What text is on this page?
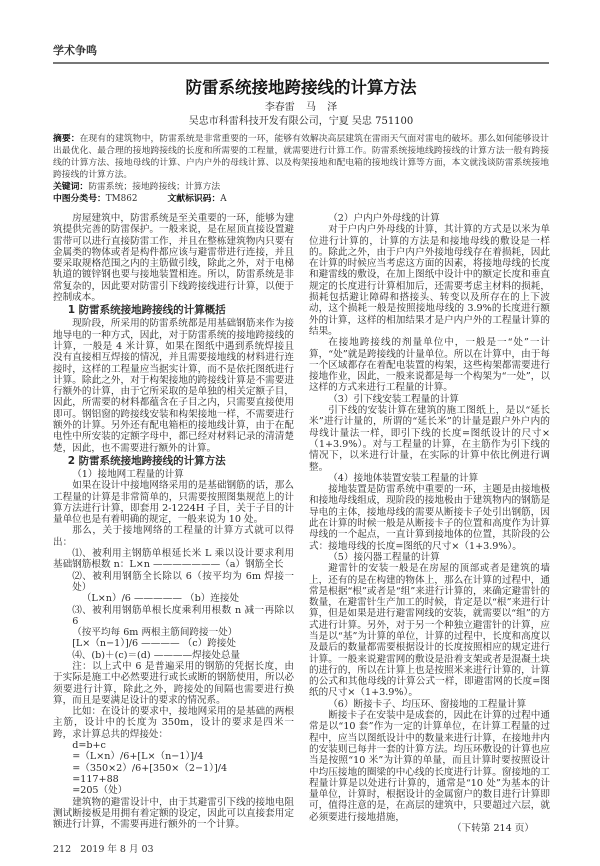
学术争鸣
防雷系统接地跨接线的计算方法
李春雷 马 泽
吴忠市科雷科技开发有限公司，宁夏 吴忠 751100
摘要：在现有的建筑物中，防雷系统是非常重要的一环，能够有效解决高层建筑在雷雨天气面对雷电的破坏。那么如何能够设计出最优化、最合理的接地跨接线的长度和所需要的工程量，就需要进行计算工作。防雷系统接地线跨接线的计算方法一般有跨接线的计算方法、接地母线的计算、户内户外的母线计算、以及构架接地和配电箱的接地线计算等方面，本文就浅谈防雷系统接地跨接线的计算方法。
关键词：防雷系统；接地跨接线；计算方法
中图分类号：TM862	文献标识码：A

房屋建筑中，防雷系统是至关重要的一环，能够为建筑提供完善的防雷保护。一般来说，是在屋顶直接设置避雷带可以进行直接防雷工作，并且在整栋建筑物内只要有金属类的物体或者是构件都应该与避雷带进行连接，并且要采取规格范围之内的主筋做引线，除此之外，对于电梯轨道的镀锌钢也要与接地装置相连。所以，防雷系统是非常复杂的，因此要对防雷引下线跨接线进行计算，以便于控制成本。

1 防雷系统接地跨接线的计算概括

现阶段，所采用的防雷系统都是用基础钢筋来作为接地导电的一种方式，因此，对于防雷系统的接地跨接线的计算，一般是 4 米计算，如果在图纸中遇到系统焊接且没有直接相互焊接的情况，并且需要接地线的材料进行连接时，这样的工程量应当据实计算，而不是依托图纸进行计算。除此之外，对于构架接地的跨接线计算是不需要进行额外的计算，由于它所采取的是单独的相关定额子目，因此，所需要的材料都蕴含在子目之内，只需要直接使用即可。钢铝窗的跨接线安装和构架接地一样，不需要进行额外的计算。另外还有配电箱柜的接地线计算，由于在配电性中所安装的定额字母中，都已经对材料记录的清清楚楚，因此，也不需要进行额外的计算。

2 防雷系统接地跨接线的计算方法
（1）接地网工程量的计算

如果在设计中接地网络采用的是基础钢筋的话，那么工程量的计算是非常简单的，只需要按照图集规范上的计算方法进行计算，即套用 2-1224H 子目，关于子目的计量单位也是有着明确的规定，一般来说为 10 处。

那么，关于接地网络的工程量的计算方式就可以得出：

⑴、被利用主钢筋单根延长米 L 乘以设计要求利用基础钢筋根数 n：L×n ———————（a）钢筋全长

⑵、被利用钢筋全长除以 6（按平均为 6m 焊接一处）

（L×n）/6 ————— （b）连接处

⑶、被利用钢筋单根长度乘利用根数 n 减一再除以 6

（按平均每 6m 两根主筋间跨接一处）

[L×（n−1）]/6 ———— （c）跨接处

⑷、(b)＋(c)＝(d) ————焊接处总量

注：以上式中 6 是普遍采用的钢筋的凭据长度，由于实际是施工中必然要进行或长或断的钢筋使用，所以必须要进行计算，除此之外，跨接处的间隔也需要进行换算，而且是要满足设计的要求的情况系。

比如：在设计的要求中，接地网采用的是基础的两根主筋，设计中的长度为 350m，设计的要求是四米一跨，求计算总共的焊接处：

d=b+c

=（L×n）/6+[L×（n−1）]/4

=（350×2）/6+[350×（2−1）]/4

=117+88

=205（处）

建筑物的避雷设计中，由于其避雷引下线的接地电阻测试断接板是用拥有着定额的设定，因此可以直接套用定额进行计算，不需要再进行额外的一个计算。

212 2019 年 8 月 03
（2）户内户外母线的计算

对于户内户外母线的计算，其计算的方式是以米为单位进行计算的，计算的方法是和接地母线的敷设是一样的。除此之外，由于户内户外接地母线存在着损耗，因此在计算的时候应当考虑这方面的因素，将接地母线的长度和避雷线的敷设，在加上图纸中设计中的额定长度和垂直规定的长度进行计算相加后，还需要考虑主材料的损耗，损耗包括避让障碍和搭接头、转变以及所存在的上下波动，这个损耗一般是按照接地母线的 3.9%的长度进行额外的计算，这样的相加结果才是户内户外的工程量计算的结果。

在接地跨接线的剂量单位中，一般是一“处”一计算，“处”就是跨接线的计量单位。所以在计算中，由于每一个区域都存在着配电装置的构架，这些构架都需要进行接地作业，因此，一般来说都是每一个构架为“一处”，以这样的方式来进行工程量的计算。

（3）引下线安装工程量的计算

引下线的安装计算在建筑的施工图纸上，是以“延长米”进行计量的，所谓的“延长米”的计量是跟户外户内的母线计量法一样，即引下线的长度=图纸设计的尺寸×（1+3.9%）。对与工程量的计算，在主筋作为引下线的情况下，以米进行计量，在实际的计算中依比例进行调整。

（4）接地体装置安装工程量的计算

接地装置是防雷系统中重要的一环，主题是由接地极和接地母线组成，现阶段的接地极由于建筑物内的钢筋是导电的主体，接地母线的需要从断接卡子处引出钢筋，因此在计算的时候一般是从断接卡子的位置和高度作为计算母线的一个起点，一直计算到接地体的位置，其阶段的公式：接地母线的长度=图纸的尺寸×（1+3.9%）。

（5）接闪器工程量的计算

避雷针的安装一般是在房屋的顶部或者是建筑的墙上，还有的是在构建的物体上，那么在计算的过程中，通常是根据“根”或者是“组”来进行计算的，来确定避雷针的数量，在避雷针生产加工的时候，肯定是以“根”来进行计算，但是如果是进行避雷网线的安装，就需要以“组”的方式进行计算。另外，对于另一个种独立避雷针的计算，应当是以“基”为计算的单位，计算的过程中，长度和高度以及最后的数量都需要根据设计的长度按照相应的规定进行计算。一般来说避雷网的敷设是沿着支架或者是混凝土块的进行的，所以在计算上也是按照米来进行计算的，计算的公式和其他母线的计算公式一样，即避雷网的长度=图纸的尺寸×（1+3.9%）。

（6）断接卡子、均压环、窗接地的工程量计算

断接卡子在安装中是成套的，因此在计算的过程中通常是以“10 套”作为一定的计算单位，在计算工程量的过程中，应当以图纸设计中的数量来进行计算，在接地井内的安装则已每井一套的计算方法。均压环敷设的计算也应当是按照“10 米”为计算的单量，而且计算时要按照设计中均压接地的圈梁的中心线的长度进行计算。窗接地的工程量计算是以处进行计算的，通常是“10 处”为基本的计量单位，计算时，根据设计的金属窗户的数目进行计算即可，值得注意的是，在高层的建筑中，只要超过六层，就必须要进行接地措施，

（下转第 214 页）
